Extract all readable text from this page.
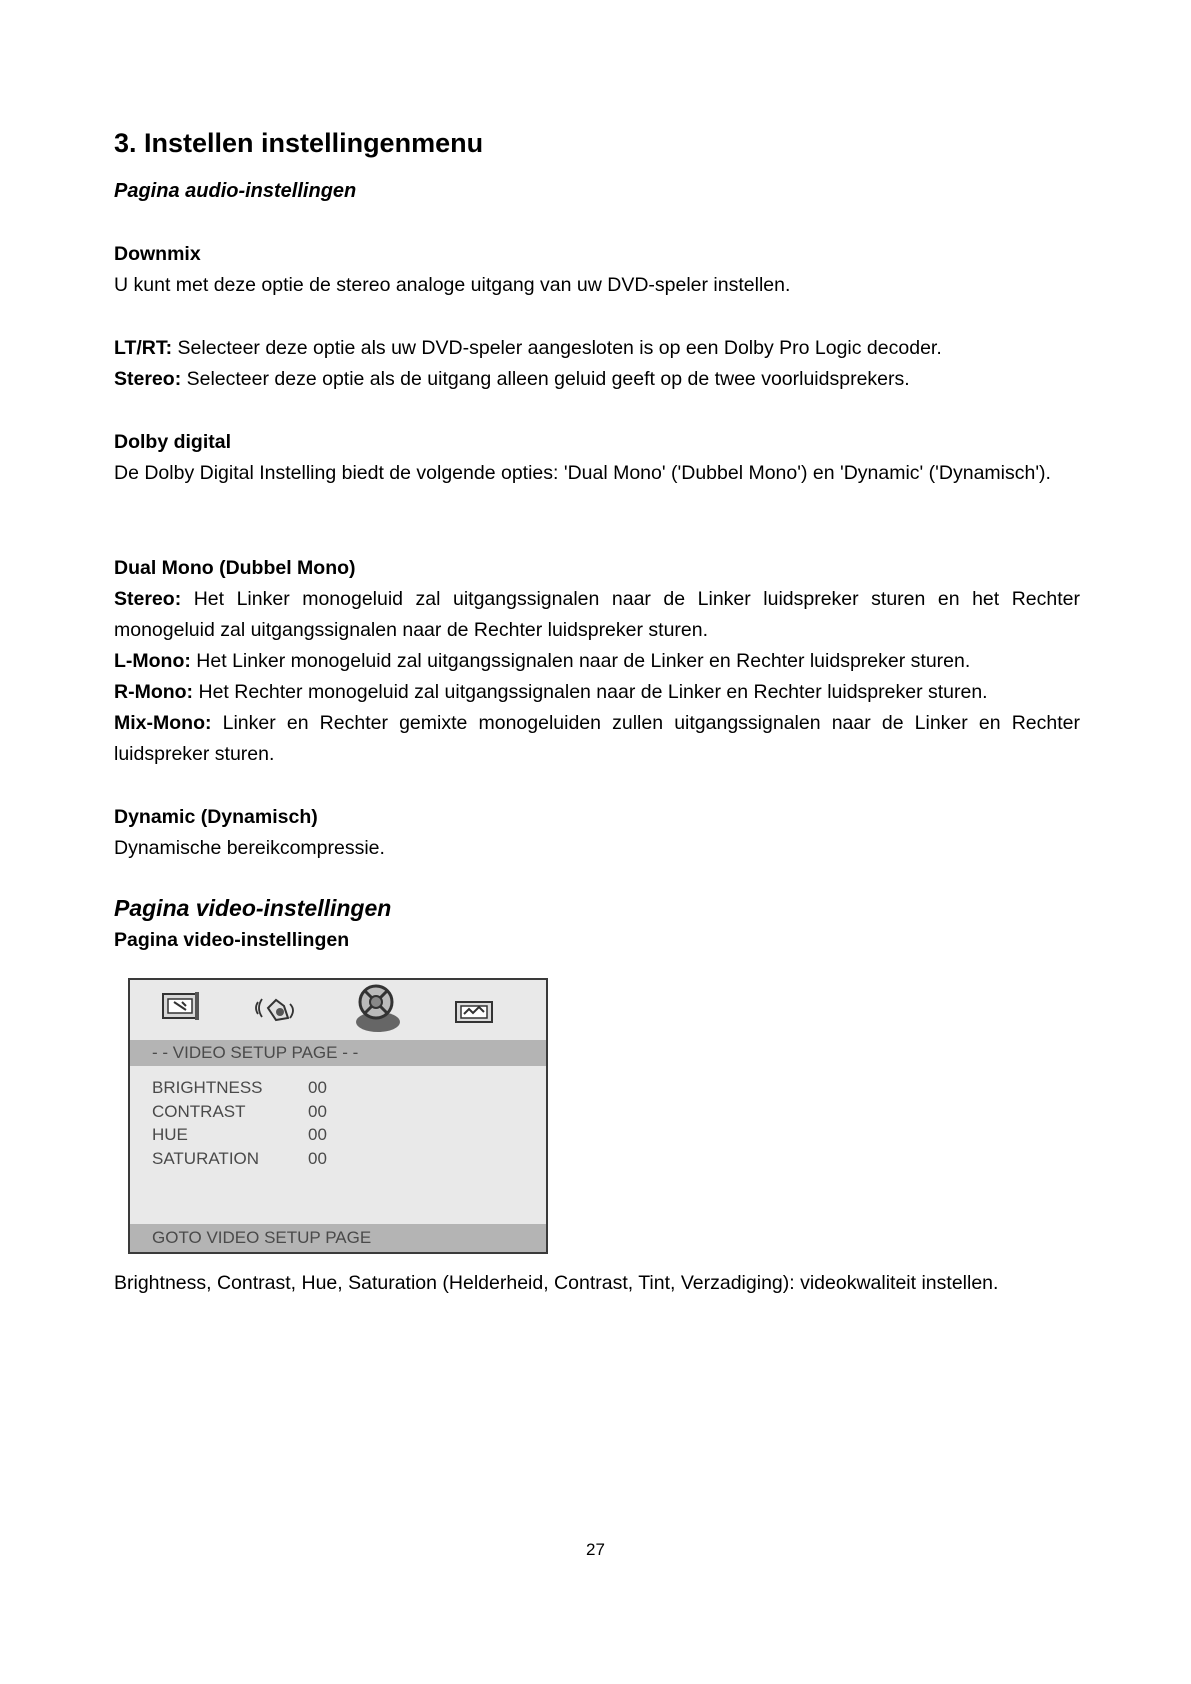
3. Instellen instellingenmenu
Pagina audio-instellingen
Downmix
U kunt met deze optie de stereo analoge uitgang van uw DVD-speler instellen.
LT/RT: Selecteer deze optie als uw DVD-speler aangesloten is op een Dolby Pro Logic decoder.
Stereo: Selecteer deze optie als de uitgang alleen geluid geeft op de twee voorluidsprekers.
Dolby digital
De Dolby Digital Instelling biedt de volgende opties: 'Dual Mono' ('Dubbel Mono') en 'Dynamic' ('Dynamisch').
Dual Mono (Dubbel Mono)
Stereo: Het Linker monogeluid zal uitgangssignalen naar de Linker luidspreker sturen en het Rechter monogeluid zal uitgangssignalen naar de Rechter luidspreker sturen.
L-Mono: Het Linker monogeluid zal uitgangssignalen naar de Linker en Rechter luidspreker sturen.
R-Mono: Het Rechter monogeluid zal uitgangssignalen naar de Linker en Rechter luidspreker sturen.
Mix-Mono: Linker en Rechter gemixte monogeluiden zullen uitgangssignalen naar de Linker en Rechter luidspreker sturen.
Dynamic (Dynamisch)
Dynamische bereikcompressie.
Pagina video-instellingen
Pagina video-instellingen
Brightness, Contrast, Hue, Saturation (Helderheid, Contrast, Tint, Verzadiging): videokwaliteit instellen.
- - VIDEO SETUP PAGE - -
BRIGHTNESS	00
CONTRAST	00
HUE	00
SATURATION	00
GOTO VIDEO SETUP PAGE
27
